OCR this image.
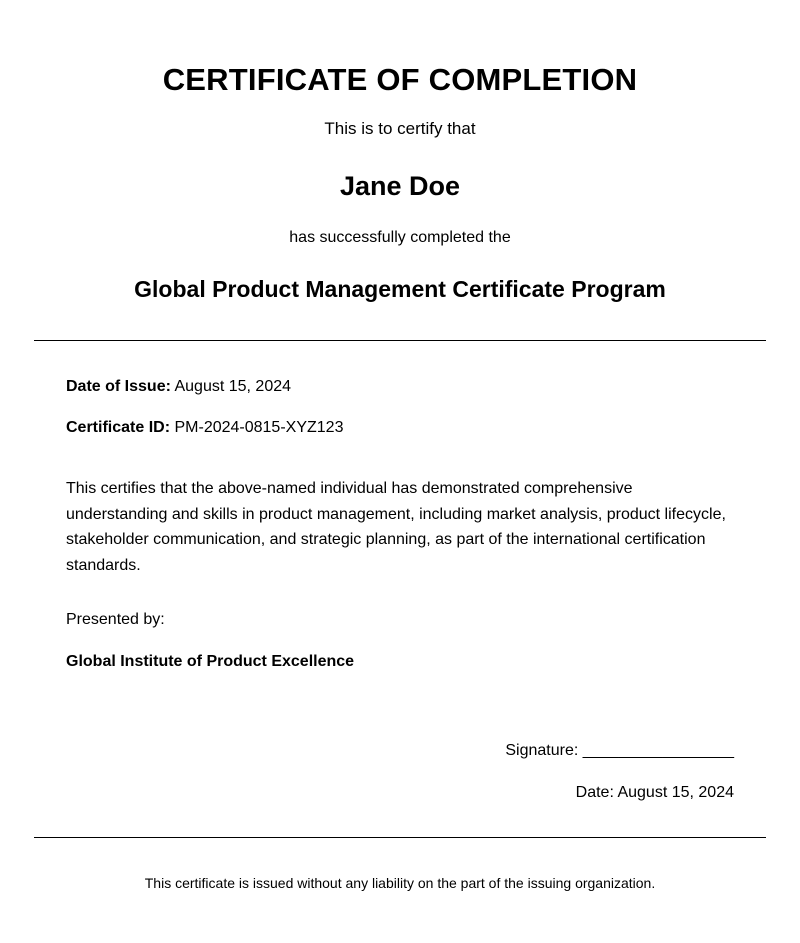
CERTIFICATE OF COMPLETION
This is to certify that
Jane Doe
has successfully completed the
Global Product Management Certificate Program
Date of Issue: August 15, 2024
Certificate ID: PM-2024-0815-XYZ123
This certifies that the above-named individual has demonstrated comprehensive understanding and skills in product management, including market analysis, product lifecycle, stakeholder communication, and strategic planning, as part of the international certification standards.
Presented by:
Global Institute of Product Excellence
Signature: _________________
Date: August 15, 2024
This certificate is issued without any liability on the part of the issuing organization.
